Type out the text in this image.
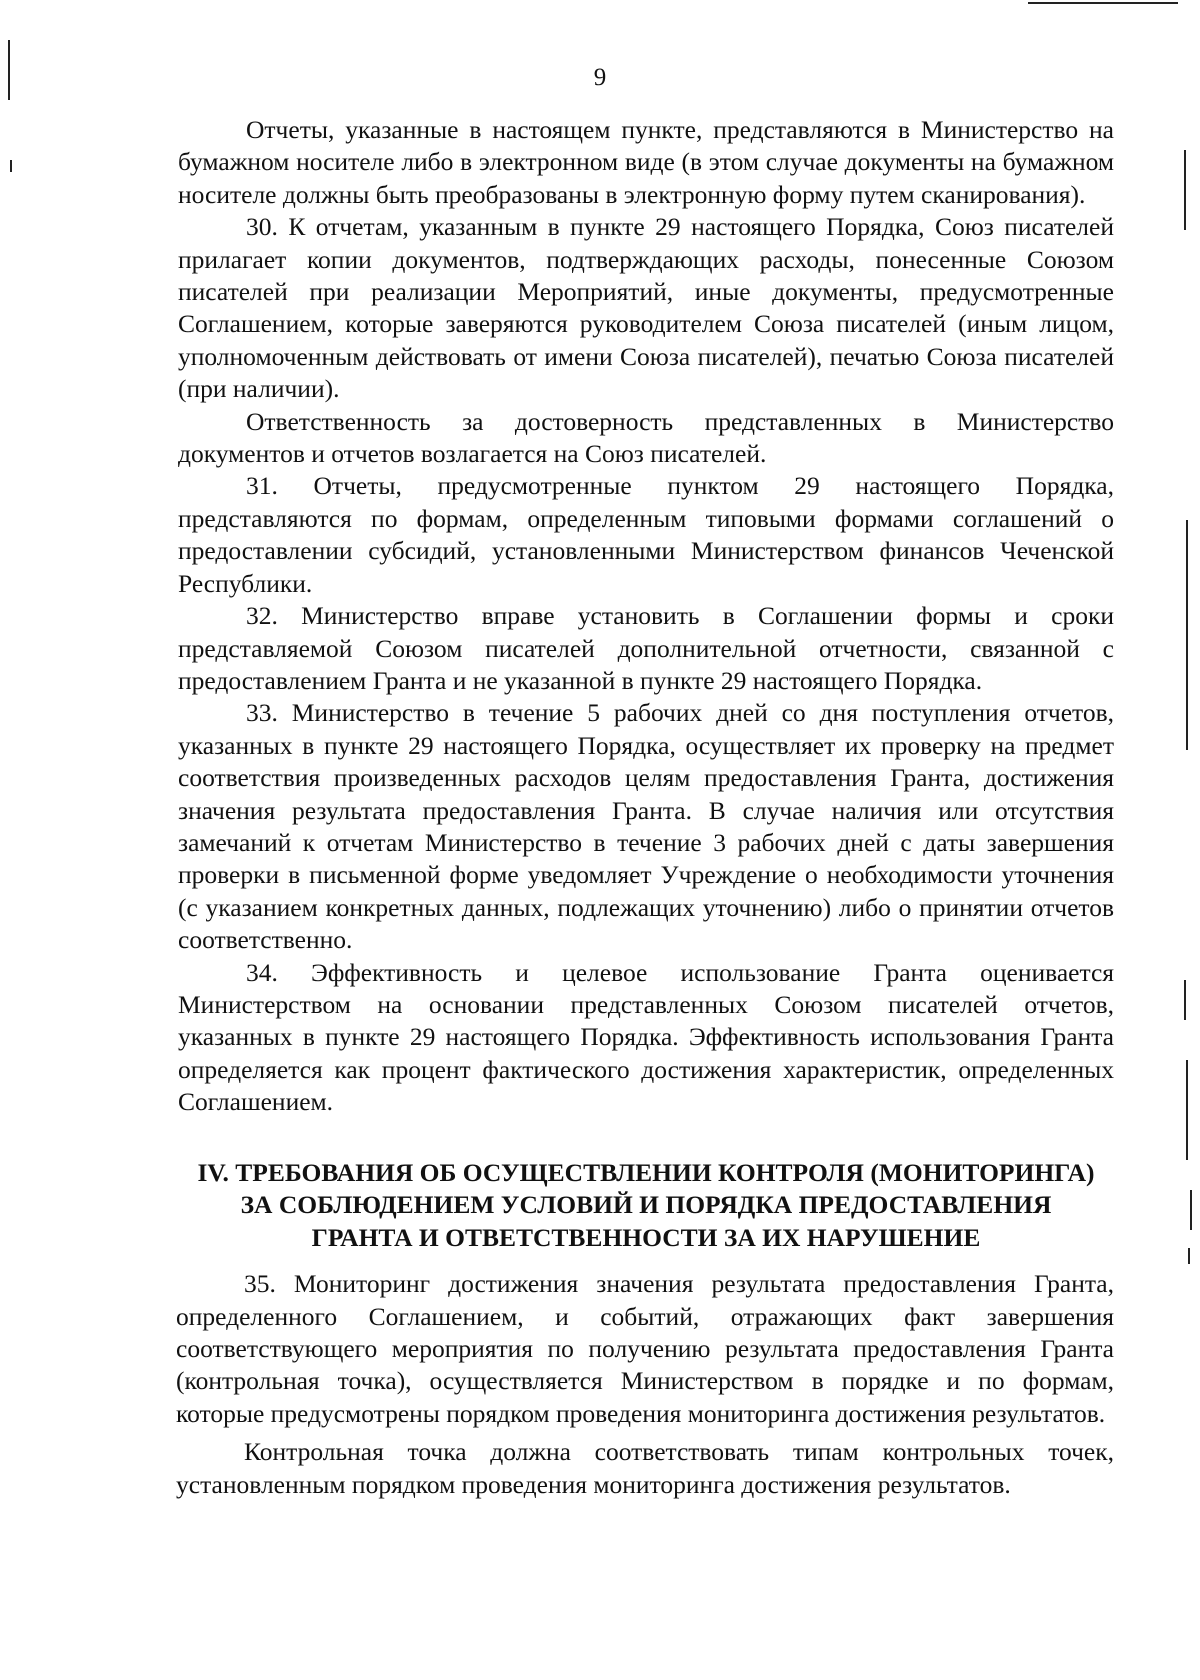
9

Отчеты, указанные в настоящем пункте, представляются в Министерство на бумажном носителе либо в электронном виде (в этом случае документы на бумажном носителе должны быть преобразованы в электронную форму путем сканирования).

30. К отчетам, указанным в пункте 29 настоящего Порядка, Союз писателей прилагает копии документов, подтверждающих расходы, понесенные Союзом писателей при реализации Мероприятий, иные документы, предусмотренные Соглашением, которые заверяются руководителем Союза писателей (иным лицом, уполномоченным действовать от имени Союза писателей), печатью Союза писателей (при наличии).

Ответственность за достоверность представленных в Министерство документов и отчетов возлагается на Союз писателей.

31. Отчеты, предусмотренные пунктом 29 настоящего Порядка, представляются по формам, определенным типовыми формами соглашений о предоставлении субсидий, установленными Министерством финансов Чеченской Республики.

32. Министерство вправе установить в Соглашении формы и сроки представляемой Союзом писателей дополнительной отчетности, связанной с предоставлением Гранта и не указанной в пункте 29 настоящего Порядка.

33. Министерство в течение 5 рабочих дней со дня поступления отчетов, указанных в пункте 29 настоящего Порядка, осуществляет их проверку на предмет соответствия произведенных расходов целям предоставления Гранта, достижения значения результата предоставления Гранта. В случае наличия или отсутствия замечаний к отчетам Министерство в течение 3 рабочих дней с даты завершения проверки в письменной форме уведомляет Учреждение о необходимости уточнения (с указанием конкретных данных, подлежащих уточнению) либо о принятии отчетов соответственно.

34. Эффективность и целевое использование Гранта оценивается Министерством на основании представленных Союзом писателей отчетов, указанных в пункте 29 настоящего Порядка. Эффективность использования Гранта определяется как процент фактического достижения характеристик, определенных Соглашением.

IV. ТРЕБОВАНИЯ ОБ ОСУЩЕСТВЛЕНИИ КОНТРОЛЯ (МОНИТОРИНГА)
ЗА СОБЛЮДЕНИЕМ УСЛОВИЙ И ПОРЯДКА ПРЕДОСТАВЛЕНИЯ
ГРАНТА И ОТВЕТСТВЕННОСТИ ЗА ИХ НАРУШЕНИЕ

35. Мониторинг достижения значения результата предоставления Гранта, определенного Соглашением, и событий, отражающих факт завершения соответствующего мероприятия по получению результата предоставления Гранта (контрольная точка), осуществляется Министерством в порядке и по формам, которые предусмотрены порядком проведения мониторинга достижения результатов.

Контрольная точка должна соответствовать типам контрольных точек, установленным порядком проведения мониторинга достижения результатов.
